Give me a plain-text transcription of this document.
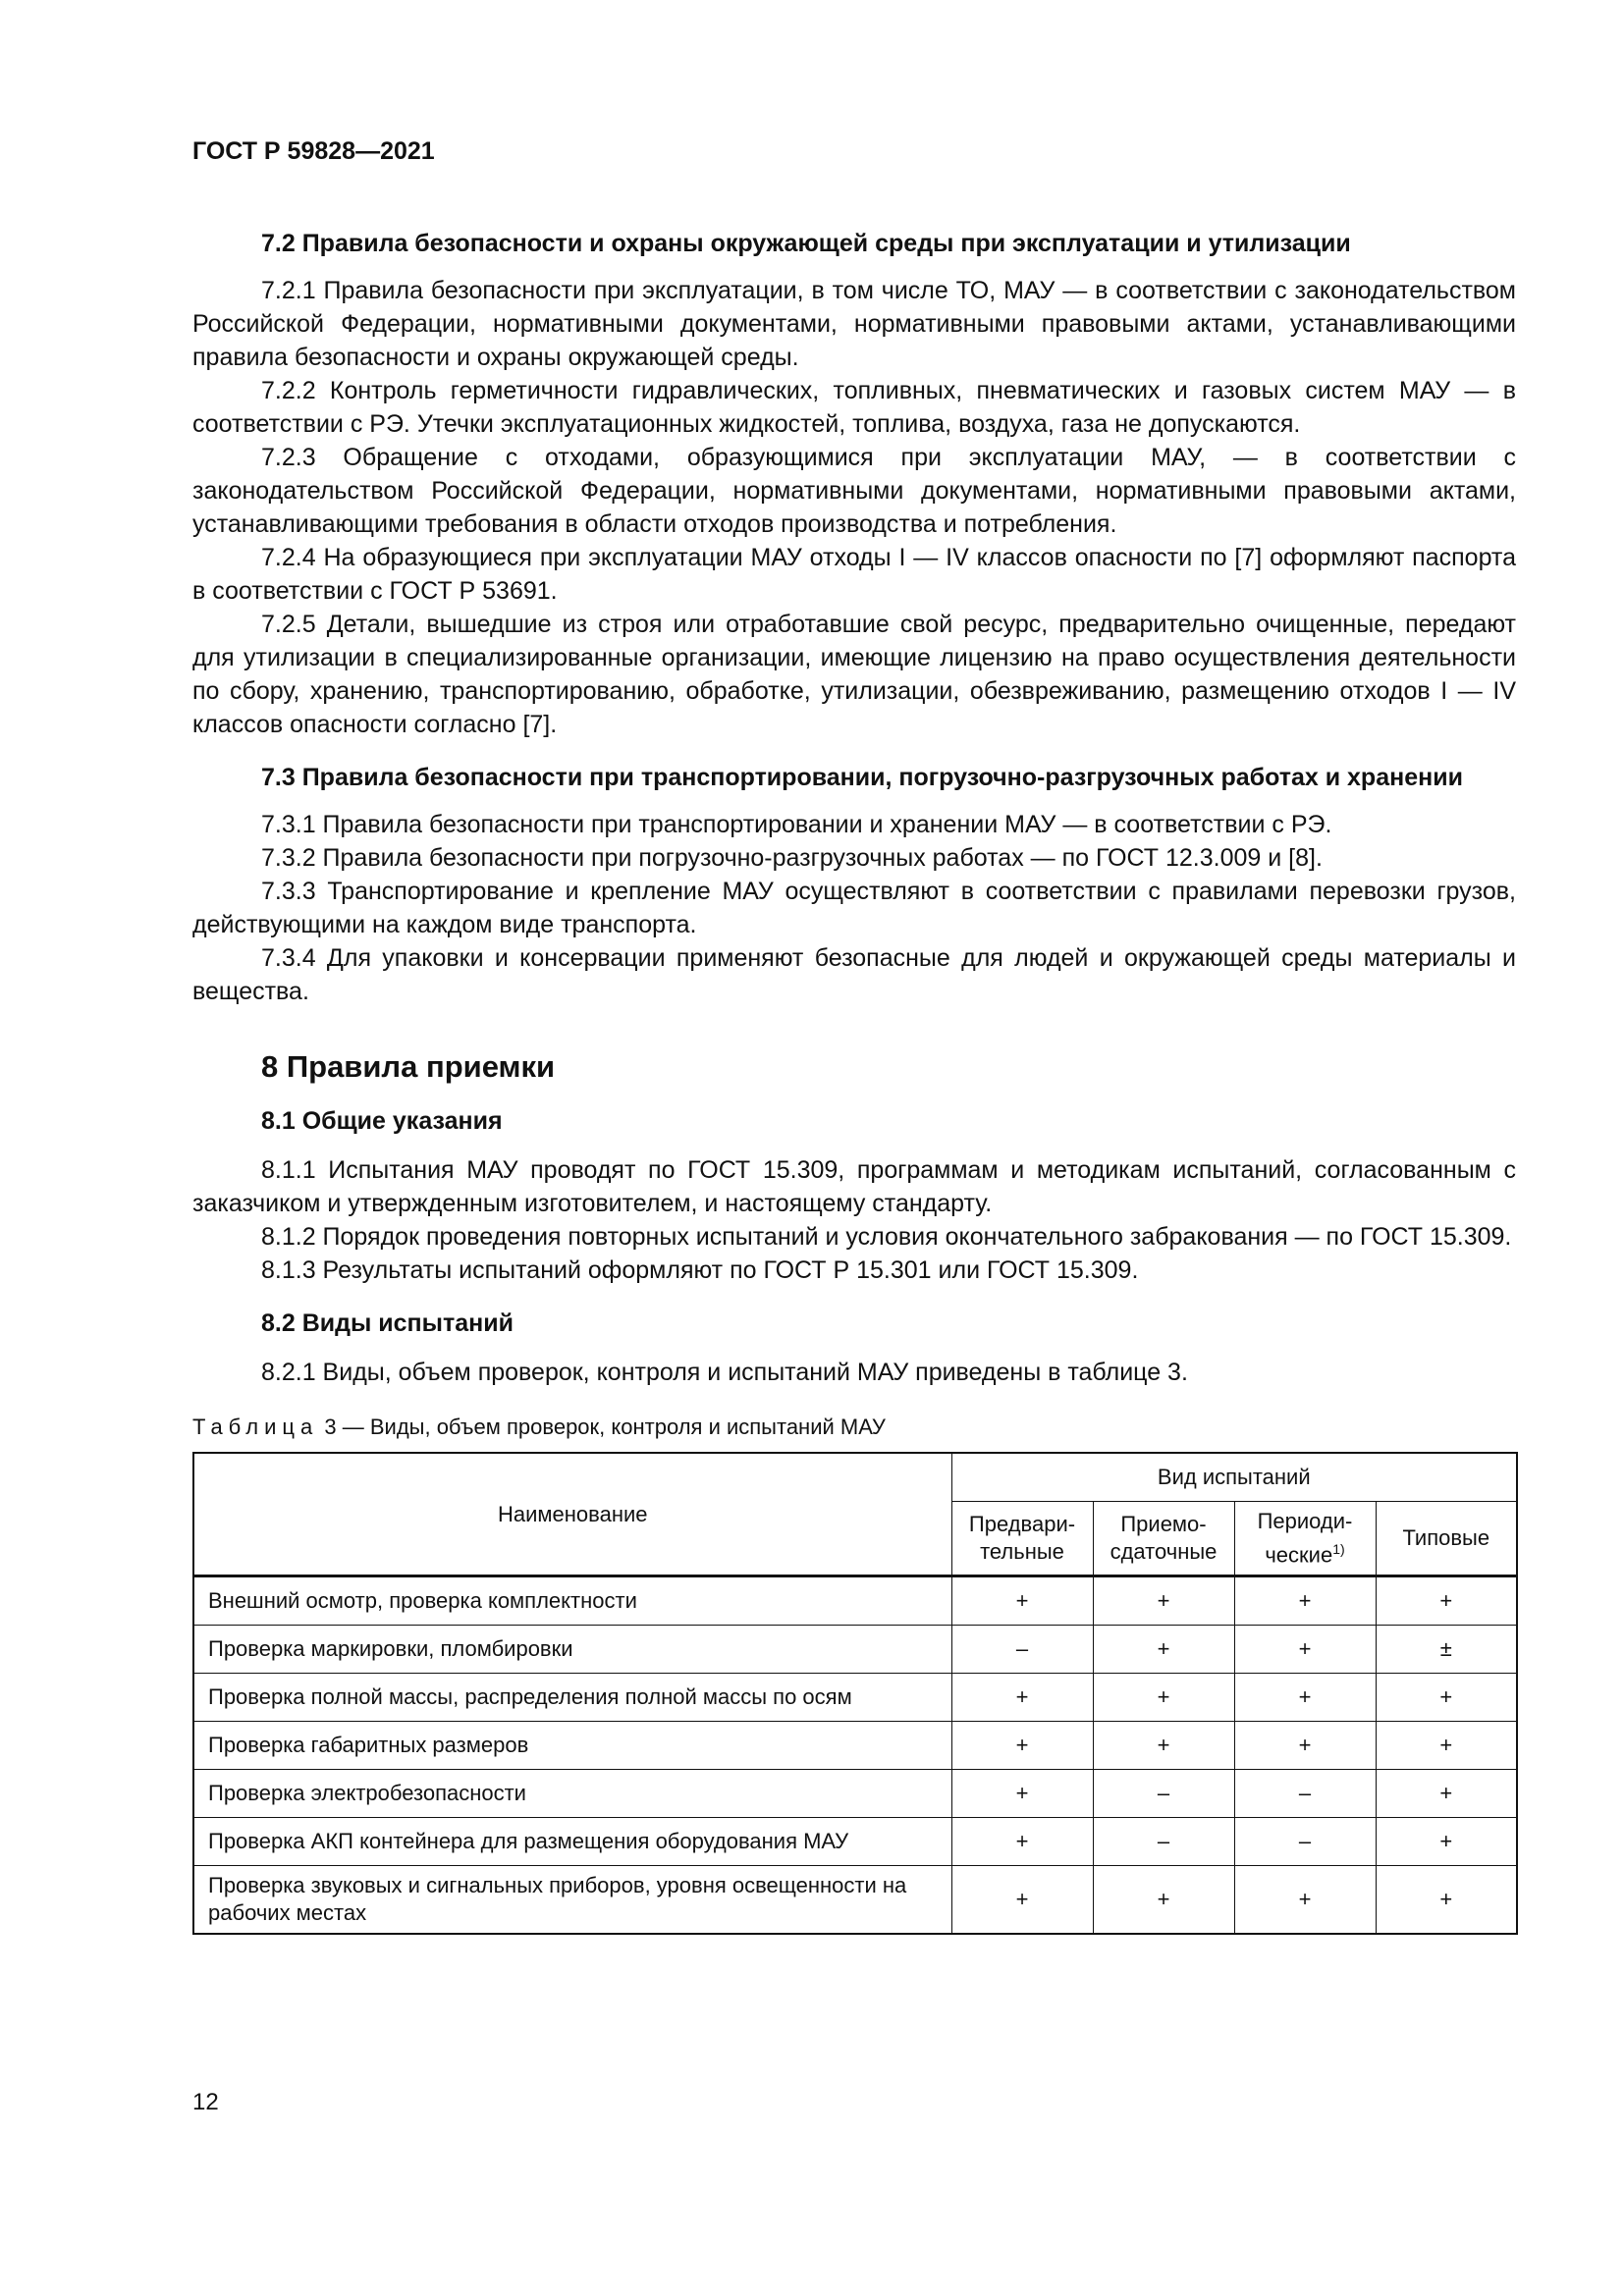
ГОСТ Р 59828—2021
7.2 Правила безопасности и охраны окружающей среды при эксплуатации и утилизации

7.2.1 Правила безопасности при эксплуатации, в том числе ТО, МАУ — в соответствии с законодательством Российской Федерации, нормативными документами, нормативными правовыми актами, устанавливающими правила безопасности и охраны окружающей среды.

7.2.2 Контроль герметичности гидравлических, топливных, пневматических и газовых систем МАУ — в соответствии с РЭ. Утечки эксплуатационных жидкостей, топлива, воздуха, газа не допускаются.

7.2.3 Обращение с отходами, образующимися при эксплуатации МАУ, — в соответствии с законодательством Российской Федерации, нормативными документами, нормативными правовыми актами, устанавливающими требования в области отходов производства и потребления.

7.2.4 На образующиеся при эксплуатации МАУ отходы I — IV классов опасности по [7] оформляют паспорта в соответствии с ГОСТ Р 53691.

7.2.5 Детали, вышедшие из строя или отработавшие свой ресурс, предварительно очищенные, передают для утилизации в специализированные организации, имеющие лицензию на право осуществления деятельности по сбору, хранению, транспортированию, обработке, утилизации, обезвреживанию, размещению отходов I — IV классов опасности согласно [7].

7.3 Правила безопасности при транспортировании, погрузочно-разгрузочных работах и хранении

7.3.1 Правила безопасности при транспортировании и хранении МАУ — в соответствии с РЭ.

7.3.2 Правила безопасности при погрузочно-разгрузочных работах — по ГОСТ 12.3.009 и [8].

7.3.3 Транспортирование и крепление МАУ осуществляют в соответствии с правилами перевозки грузов, действующими на каждом виде транспорта.

7.3.4 Для упаковки и консервации применяют безопасные для людей и окружающей среды материалы и вещества.

8 Правила приемки
8.1 Общие указания

8.1.1 Испытания МАУ проводят по ГОСТ 15.309, программам и методикам испытаний, согласованным с заказчиком и утвержденным изготовителем, и настоящему стандарту.

8.1.2 Порядок проведения повторных испытаний и условия окончательного забракования — по ГОСТ 15.309.

8.1.3 Результаты испытаний оформляют по ГОСТ Р 15.301 или ГОСТ 15.309.

8.2 Виды испытаний

8.2.1 Виды, объем проверок, контроля и испытаний МАУ приведены в таблице 3.

Таблица 3 — Виды, объем проверок, контроля и испытаний МАУ
Наименование	Вид испытаний			
	Предвари-тельные	Приемо-сдаточные	Периоди-ческие$^{1)}$	Типовые
Внешний осмотр, проверка комплектности	+	+	+	+
Проверка маркировки, пломбировки	–	+	+	±
Проверка полной массы, распределения полной массы по осям	+	+	+	+
Проверка габаритных размеров	+	+	+	+
Проверка электробезопасности	+	–	–	+
Проверка АКП контейнера для размещения оборудования МАУ	+	–	–	+
Проверка звуковых и сигнальных приборов, уровня освещенности на рабочих местах	+	+	+	+
12
